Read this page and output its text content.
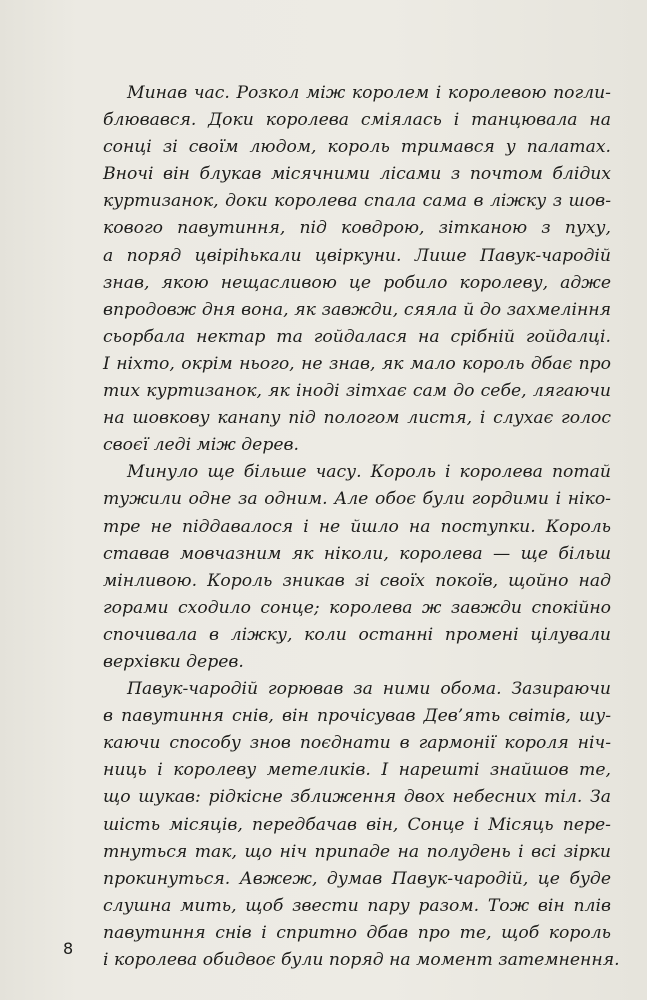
Минав час. Розкол між королем і королевою погли-
блювався. Доки королева сміялась і танцювала на
сонці зі своїм людом, король тримався у палатах.
Вночі він блукав місячними лісами з почтом блідих
куртизанок, доки королева спала сама в ліжку з шов-
кового павутиння, під ковдрою, зітканою з пуху,
а поряд цвіріһькали цвіркуни. Лише Павук-чародій
знав, якою нещасливою це робило королеву, адже
впродовж дня вона, як завжди, сяяла й до захмеління
сьорбала нектар та гойдалася на срібній гойдалці.
І ніхто, окрім нього, не знав, як мало король дбає про
тих куртизанок, як іноді зітхає сам до себе, лягаючи
на шовкову канапу під пологом листя, і слухає голос
своєї леді між дерев.

Минуло ще більше часу. Король і королева потай
тужили одне за одним. Але обоє були гордими і ніко-
тре не піддавалося і не йшло на поступки. Король
ставав мовчазним як ніколи, королева — ще більш
мінливою. Король зникав зі своїх покоїв, щойно над
горами сходило сонце; королева ж завжди спокійно
спочивала в ліжку, коли останні промені цілували
верхівки дерев.

Павук-чародій горював за ними обома. Зазираючи
в павутиння снів, він прочісував Дев’ять світів, шу-
каючи способу знов поєднати в гармонії короля ніч-
ниць і королеву метеликів. І нарешті знайшов те,
що шукав: рідкісне зближення двох небесних тіл. За
шість місяців, передбачав він, Сонце і Місяць пере-
тнуться так, що ніч припаде на полудень і всі зірки
прокинуться. Авжеж, думав Павук-чародій, це буде
слушна мить, щоб звести пару разом. Тож він плів
павутиння снів і спритно дбав про те, щоб король
і королева обидвоє були поряд на момент затемнення.

8
